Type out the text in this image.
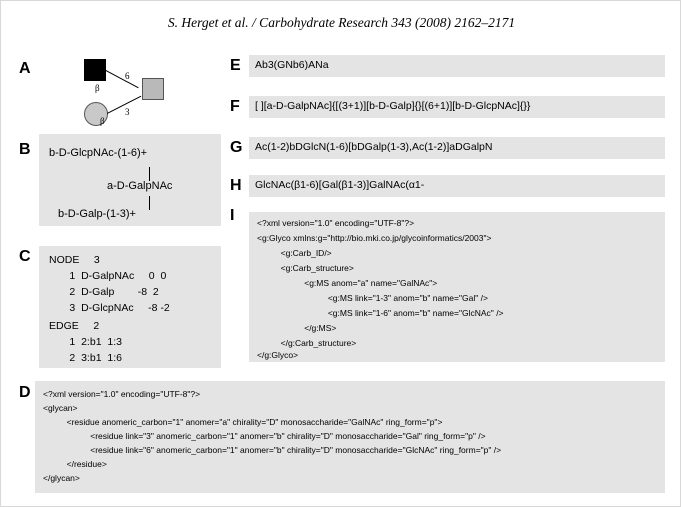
S. Herget et al. / Carbohydrate Research 343 (2008) 2162–2171
A
β
6
3
β
B b-D-GlcpNAc-(1-6)+
a-D-GalpNAc
b-D-Galp-(1-3)+
C NODE     3
1  D-GalpNAc     0  0
2  D-Galp        -8  2
3  D-GlcpNAc     -8 -2
EDGE     2
1  2:b1  1:3
2  3:b1  1:6
D <?xml version="1.0" encoding="UTF-8"?>
<glycan>
<residue anomeric_carbon="1" anomer="a" chirality="D" monosaccharide="GalNAc" ring_form="p">
<residue link="3" anomeric_carbon="1" anomer="b" chirality="D" monosaccharide="Gal" ring_form="p" />
<residue link="6" anomeric_carbon="1" anomer="b" chirality="D" monosaccharide="GlcNAc" ring_form="p" />
</residue>
</glycan>
E Ab3(GNb6)ANa
F [ ][a-D-GalpNAc]{[(3+1)][b-D-Galp]{}[(6+1)][b-D-GlcpNAc]{}}
G Ac(1-2)bDGlcN(1-6)[bDGalp(1-3),Ac(1-2)]aDGalpN
H GlcNAc(β1-6)[Gal(β1-3)]GalNAc(α1-
I	<?xml version="1.0" encoding="UTF-8"?>
<g:Glyco xmlns:g="http://bio.mki.co.jp/glycoinformatics/2003">
<g:Carb_ID/>
<g:Carb_structure>
<g:MS anom="a" name="GalNAc">
<g:MS link="1-3" anom="b" name="Gal" />
<g:MS link="1-6" anom="b" name="GlcNAc" />
</g:MS>
</g:Carb_structure>
</g:Glyco>
